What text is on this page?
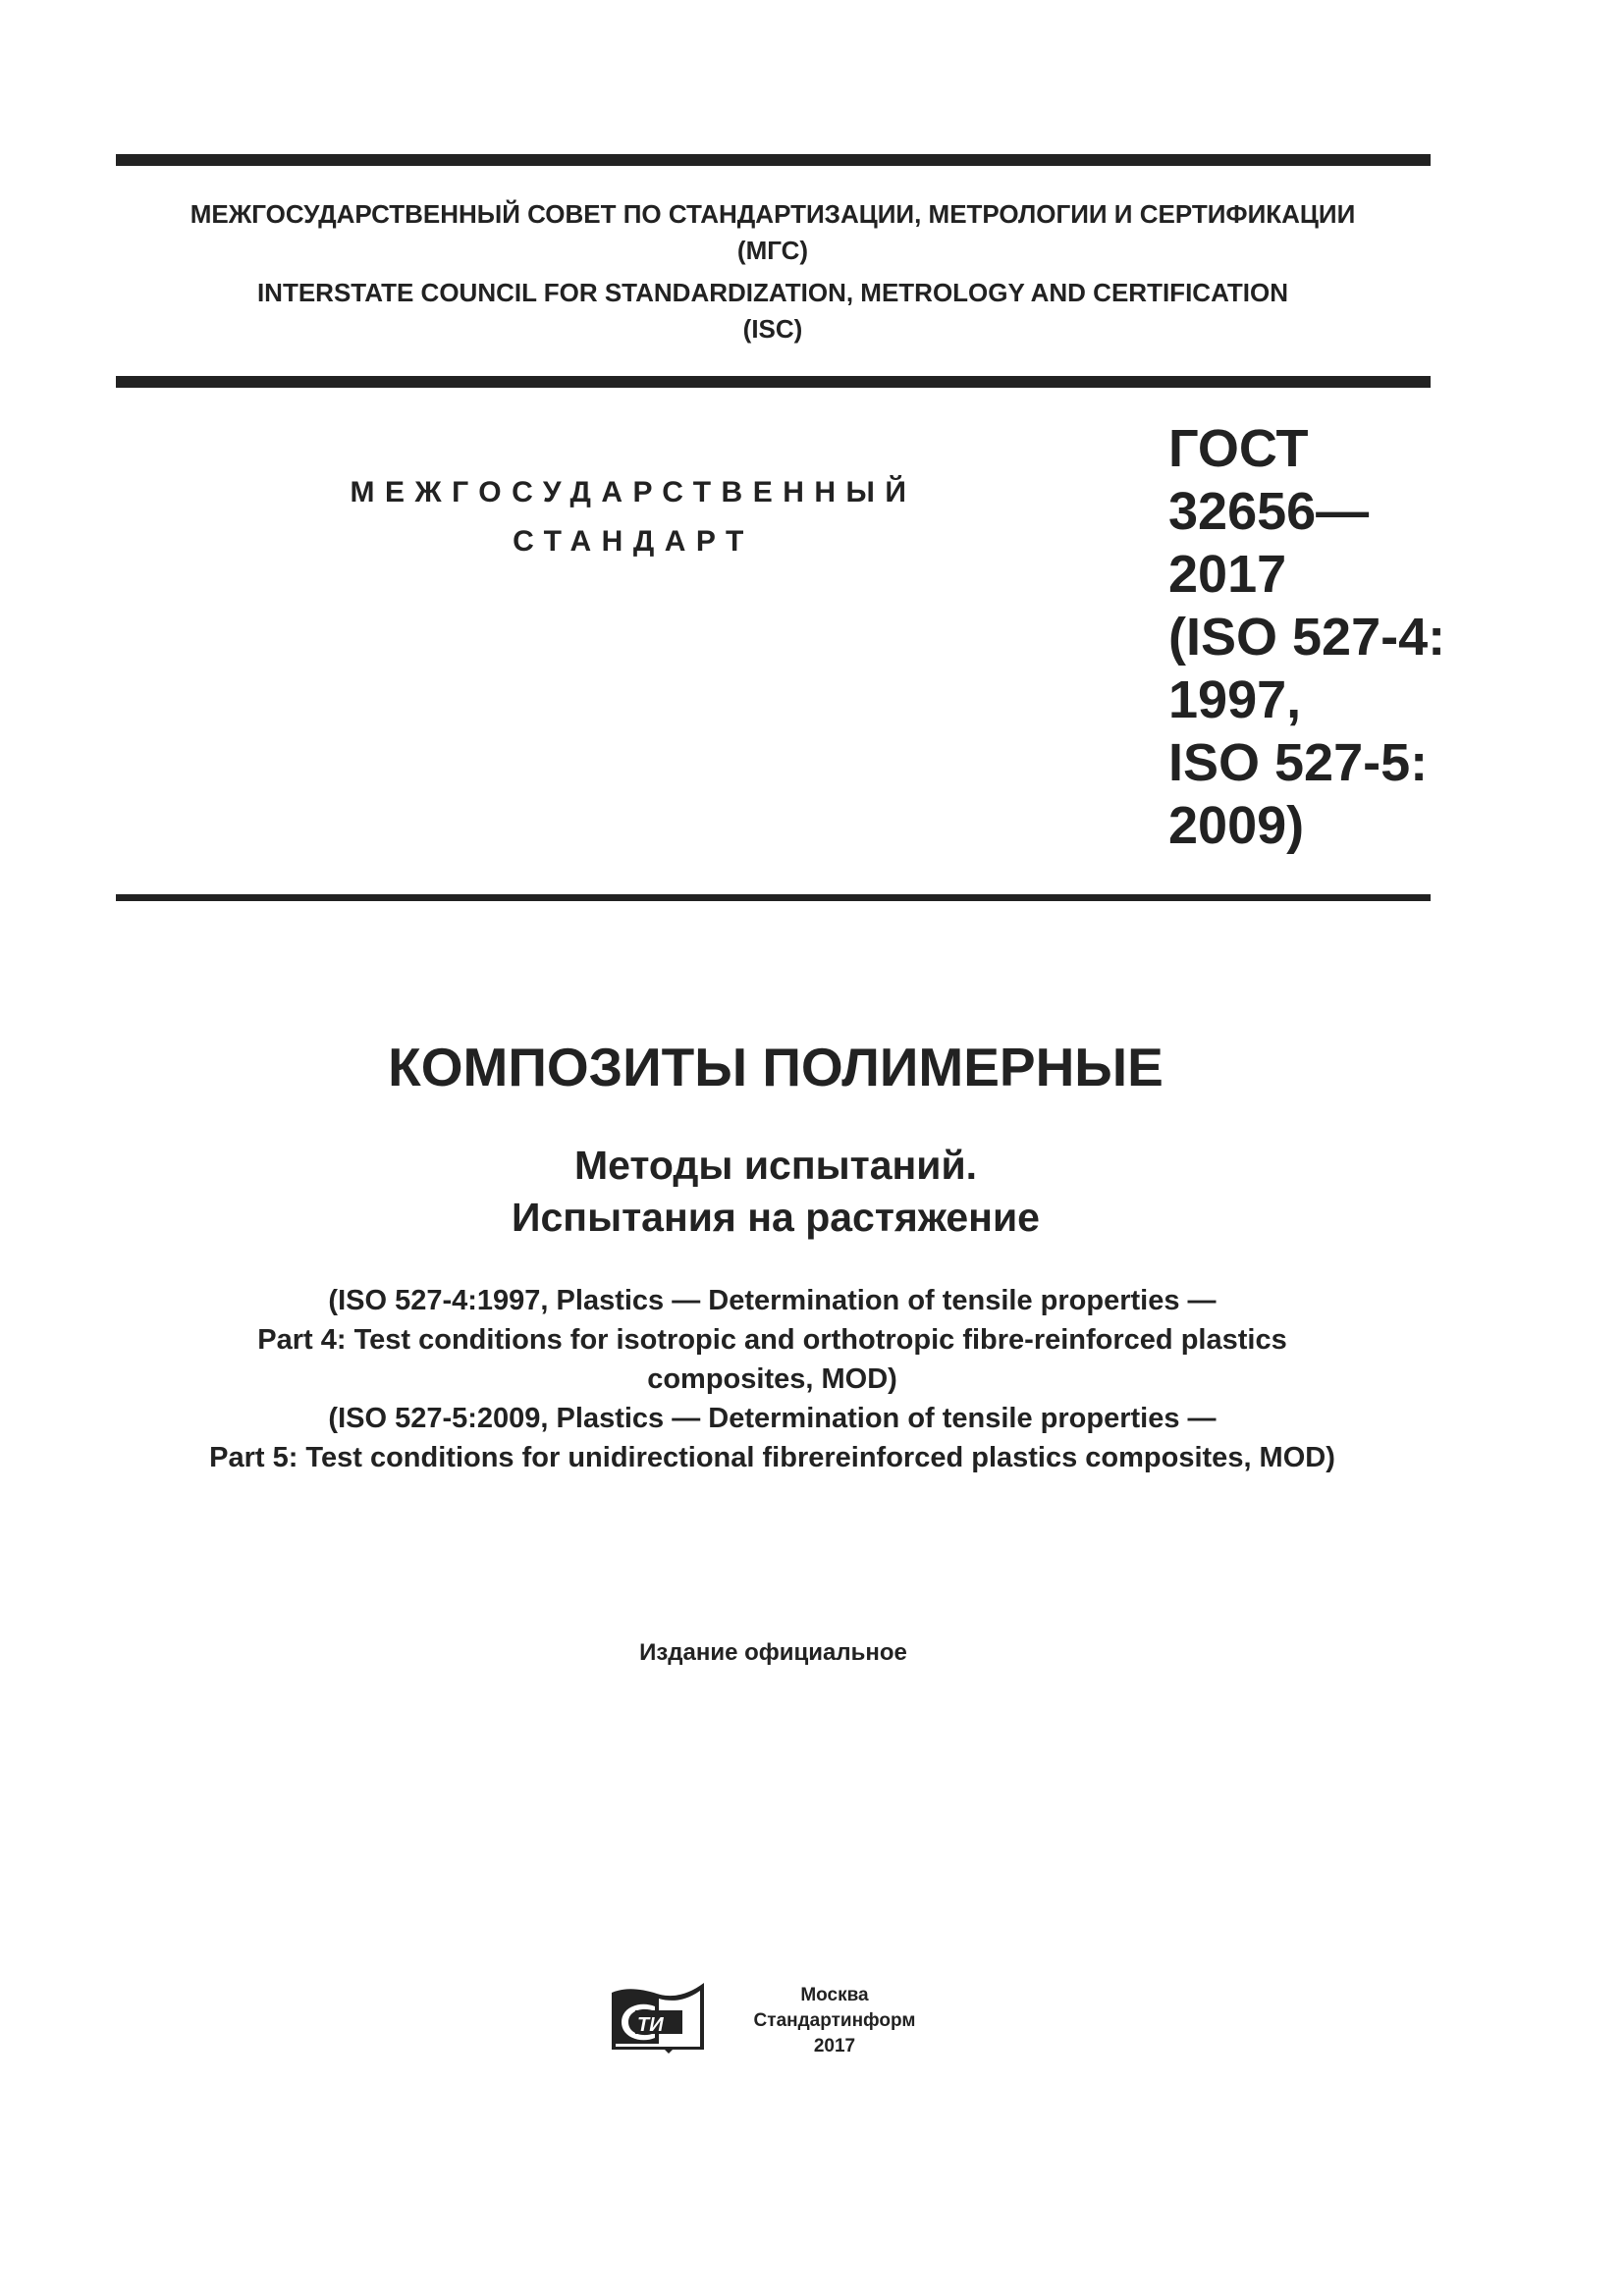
МЕЖГОСУДАРСТВЕННЫЙ СОВЕТ ПО СТАНДАРТИЗАЦИИ, МЕТРОЛОГИИ И СЕРТИФИКАЦИИ
(МГС)
INTERSTATE COUNCIL FOR STANDARDIZATION, METROLOGY AND CERTIFICATION
(ISC)
МЕЖГОСУДАРСТВЕННЫЙ
СТАНДАРТ
ГОСТ
32656—
2017
(ISO 527-4:
1997,
ISO 527-5:
2009)
КОМПОЗИТЫ ПОЛИМЕРНЫЕ
Методы испытаний.
Испытания на растяжение
(ISO 527-4:1997, Plastics — Determination of tensile properties —
Part 4: Test conditions for isotropic and orthotropic fibre-reinforced plastics
composites, MOD)
(ISO 527-5:2009, Plastics — Determination of tensile properties —
Part 5: Test conditions for unidirectional fibrereinforced plastics composites, MOD)
Издание официальное
ТИ
Москва
Стандартинформ
2017
